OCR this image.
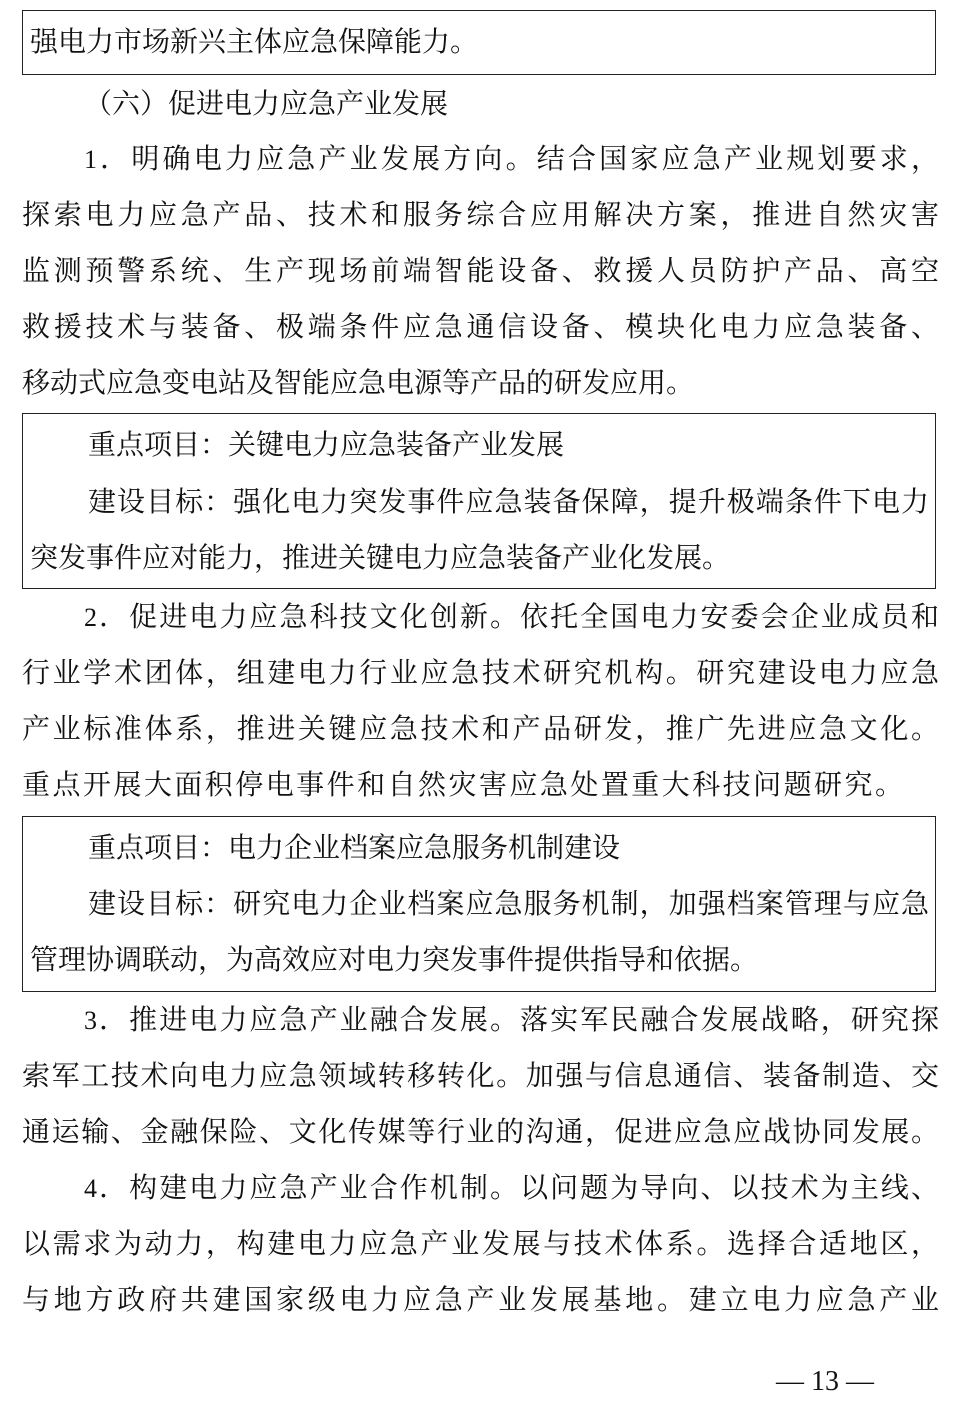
强电力市场新兴主体应急保障能力。
（六）促进电力应急产业发展
1．明确电力应急产业发展方向。结合国家应急产业规划要求，
探索电力应急产品、技术和服务综合应用解决方案，推进自然灾害
监测预警系统、生产现场前端智能设备、救援人员防护产品、高空
救援技术与装备、极端条件应急通信设备、模块化电力应急装备、
移动式应急变电站及智能应急电源等产品的研发应用。
重点项目：关键电力应急装备产业发展
建设目标：强化电力突发事件应急装备保障，提升极端条件下电力
突发事件应对能力，推进关键电力应急装备产业化发展。
2．促进电力应急科技文化创新。依托全国电力安委会企业成员和
行业学术团体，组建电力行业应急技术研究机构。研究建设电力应急
产业标准体系，推进关键应急技术和产品研发，推广先进应急文化。
重点开展大面积停电事件和自然灾害应急处置重大科技问题研究。
重点项目：电力企业档案应急服务机制建设
建设目标：研究电力企业档案应急服务机制，加强档案管理与应急
管理协调联动，为高效应对电力突发事件提供指导和依据。
3．推进电力应急产业融合发展。落实军民融合发展战略，研究探
索军工技术向电力应急领域转移转化。加强与信息通信、装备制造、交
通运输、金融保险、文化传媒等行业的沟通，促进应急应战协同发展。
4．构建电力应急产业合作机制。以问题为导向、以技术为主线、
以需求为动力，构建电力应急产业发展与技术体系。选择合适地区，
与地方政府共建国家级电力应急产业发展基地。建立电力应急产业
— 13 —
